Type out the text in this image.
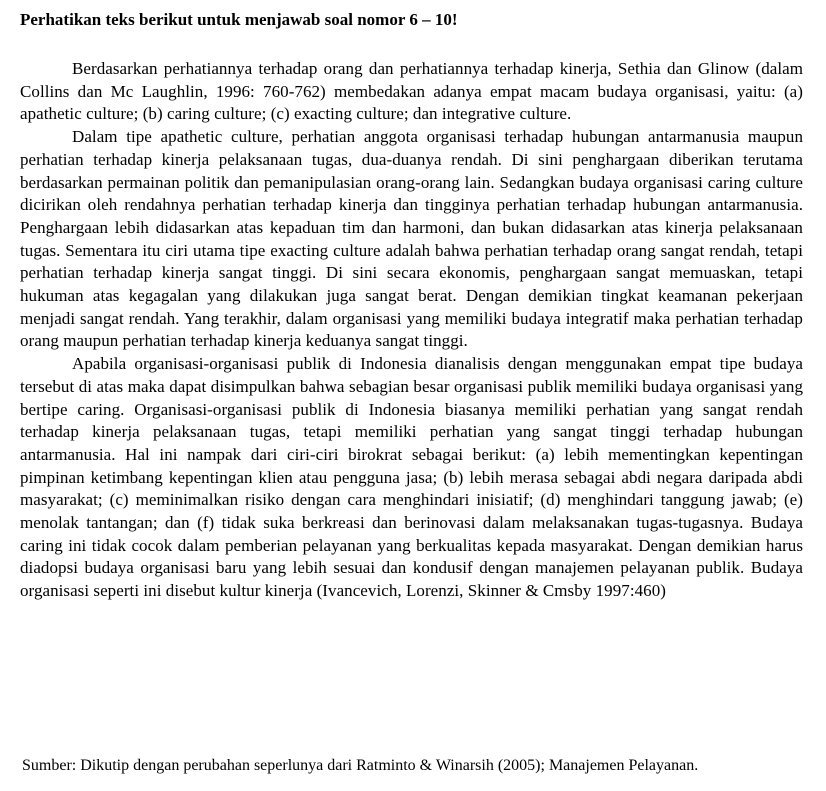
Perhatikan teks berikut untuk menjawab soal nomor 6 – 10!

Berdasarkan perhatiannya terhadap orang dan perhatiannya terhadap kinerja, Sethia dan Glinow (dalam Collins dan Mc Laughlin, 1996: 760-762) membedakan adanya empat macam budaya organisasi, yaitu: (a) apathetic culture; (b) caring culture; (c) exacting culture; dan integrative culture.

Dalam tipe apathetic culture, perhatian anggota organisasi terhadap hubungan antarmanusia maupun perhatian terhadap kinerja pelaksanaan tugas, dua-duanya rendah. Di sini penghargaan diberikan terutama berdasarkan permainan politik dan pemanipulasian orang-orang lain. Sedangkan budaya organisasi caring culture dicirikan oleh rendahnya perhatian terhadap kinerja dan tingginya perhatian terhadap hubungan antarmanusia. Penghargaan lebih didasarkan atas kepaduan tim dan harmoni, dan bukan didasarkan atas kinerja pelaksanaan tugas. Sementara itu ciri utama tipe exacting culture adalah bahwa perhatian terhadap orang sangat rendah, tetapi perhatian terhadap kinerja sangat tinggi. Di sini secara ekonomis, penghargaan sangat memuaskan, tetapi hukuman atas kegagalan yang dilakukan juga sangat berat. Dengan demikian tingkat keamanan pekerjaan menjadi sangat rendah. Yang terakhir, dalam organisasi yang memiliki budaya integratif maka perhatian terhadap orang maupun perhatian terhadap kinerja keduanya sangat tinggi.

Apabila organisasi-organisasi publik di Indonesia dianalisis dengan menggunakan empat tipe budaya tersebut di atas maka dapat disimpulkan bahwa sebagian besar organisasi publik memiliki budaya organisasi yang bertipe caring. Organisasi-organisasi publik di Indonesia biasanya memiliki perhatian yang sangat rendah terhadap kinerja pelaksanaan tugas, tetapi memiliki perhatian yang sangat tinggi terhadap hubungan antarmanusia. Hal ini nampak dari ciri-ciri birokrat sebagai berikut: (a) lebih mementingkan kepentingan pimpinan ketimbang kepentingan klien atau pengguna jasa; (b) lebih merasa sebagai abdi negara daripada abdi masyarakat; (c) meminimalkan risiko dengan cara menghindari inisiatif; (d) menghindari tanggung jawab; (e) menolak tantangan; dan (f) tidak suka berkreasi dan berinovasi dalam melaksanakan tugas-tugasnya. Budaya caring ini tidak cocok dalam pemberian pelayanan yang berkualitas kepada masyarakat. Dengan demikian harus diadopsi budaya organisasi baru yang lebih sesuai dan kondusif dengan manajemen pelayanan publik. Budaya organisasi seperti ini disebut kultur kinerja (Ivancevich, Lorenzi, Skinner & Cmsby 1997:460)

Sumber: Dikutip dengan perubahan seperlunya dari Ratminto & Winarsih (2005); Manajemen Pelayanan.
